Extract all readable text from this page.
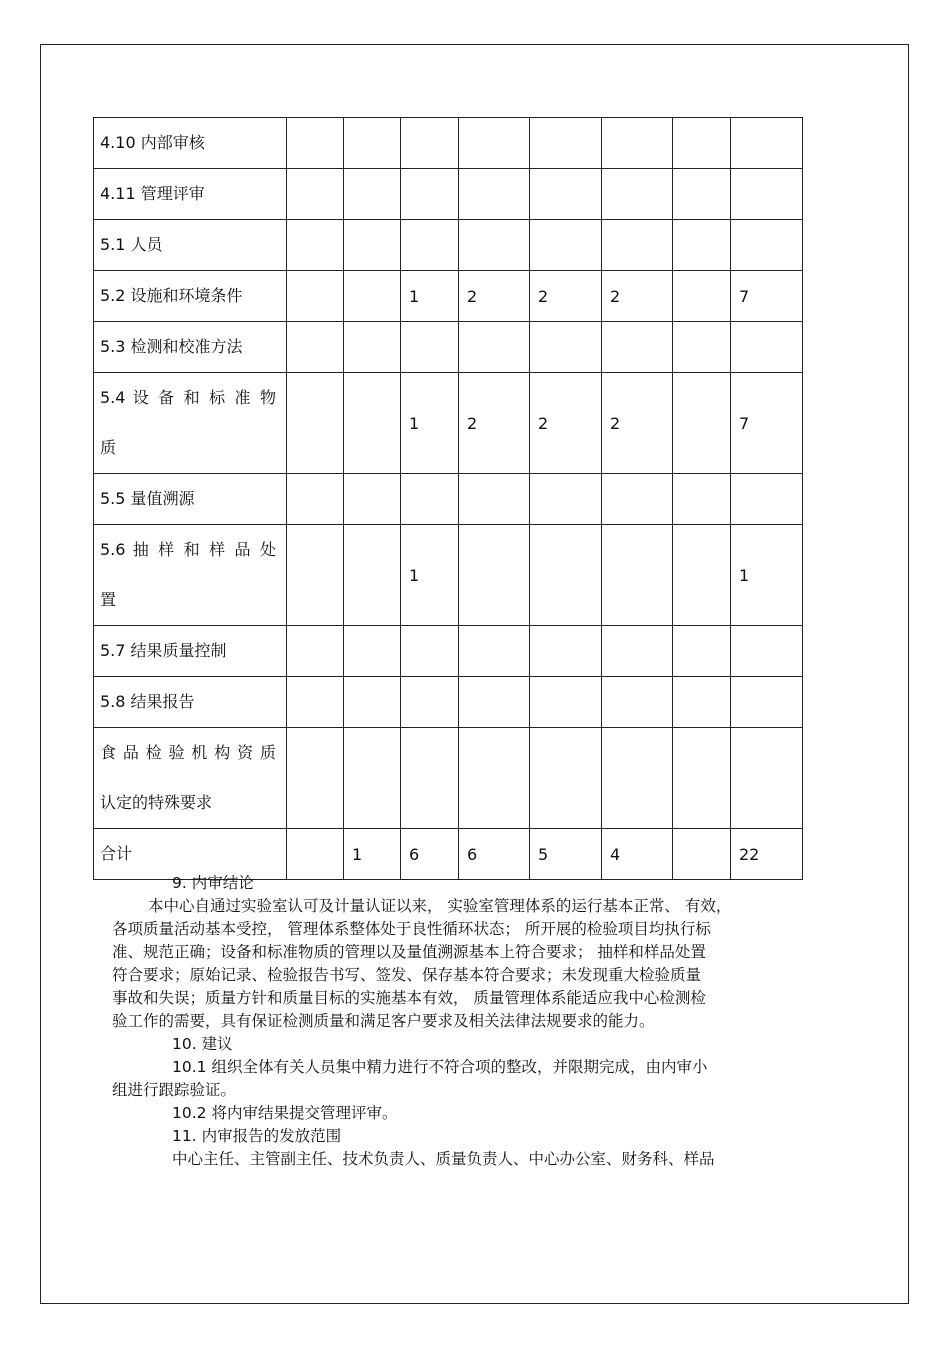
4.10 内部审核								
4.11 管理评审								
5.1 人员								
5.2 设施和环境条件			1	2	2	2		7
5.3 检测和校准方法								

5.4 设 备 和 标 准 物
质			1	2	2	2		7
5.5 量值溯源								

5.6 抽 样 和 样 品 处
置			1					1
5.7 结果质量控制								
5.8 结果报告								

食 品 检 验 机 构 资 质
认定的特殊要求								

合计		1	6	6	5	4		22

9. 内审结论

本中心自通过实验室认可及计量认证以来， 实验室管理体系的运行基本正常、 有效，

各项质量活动基本受控， 管理体系整体处于良性循环状态； 所开展的检验项目均执行标

准、规范正确；设备和标准物质的管理以及量值溯源基本上符合要求； 抽样和样品处置

符合要求；原始记录、检验报告书写、签发、保存基本符合要求；未发现重大检验质量

事故和失误；质量方针和质量目标的实施基本有效， 质量管理体系能适应我中心检测检

验工作的需要，具有保证检测质量和满足客户要求及相关法律法规要求的能力。

10. 建议

10.1 组织全体有关人员集中精力进行不符合项的整改，并限期完成，由内审小

组进行跟踪验证。

10.2 将内审结果提交管理评审。

11. 内审报告的发放范围

中心主任、主管副主任、技术负责人、质量负责人、中心办公室、财务科、样品
